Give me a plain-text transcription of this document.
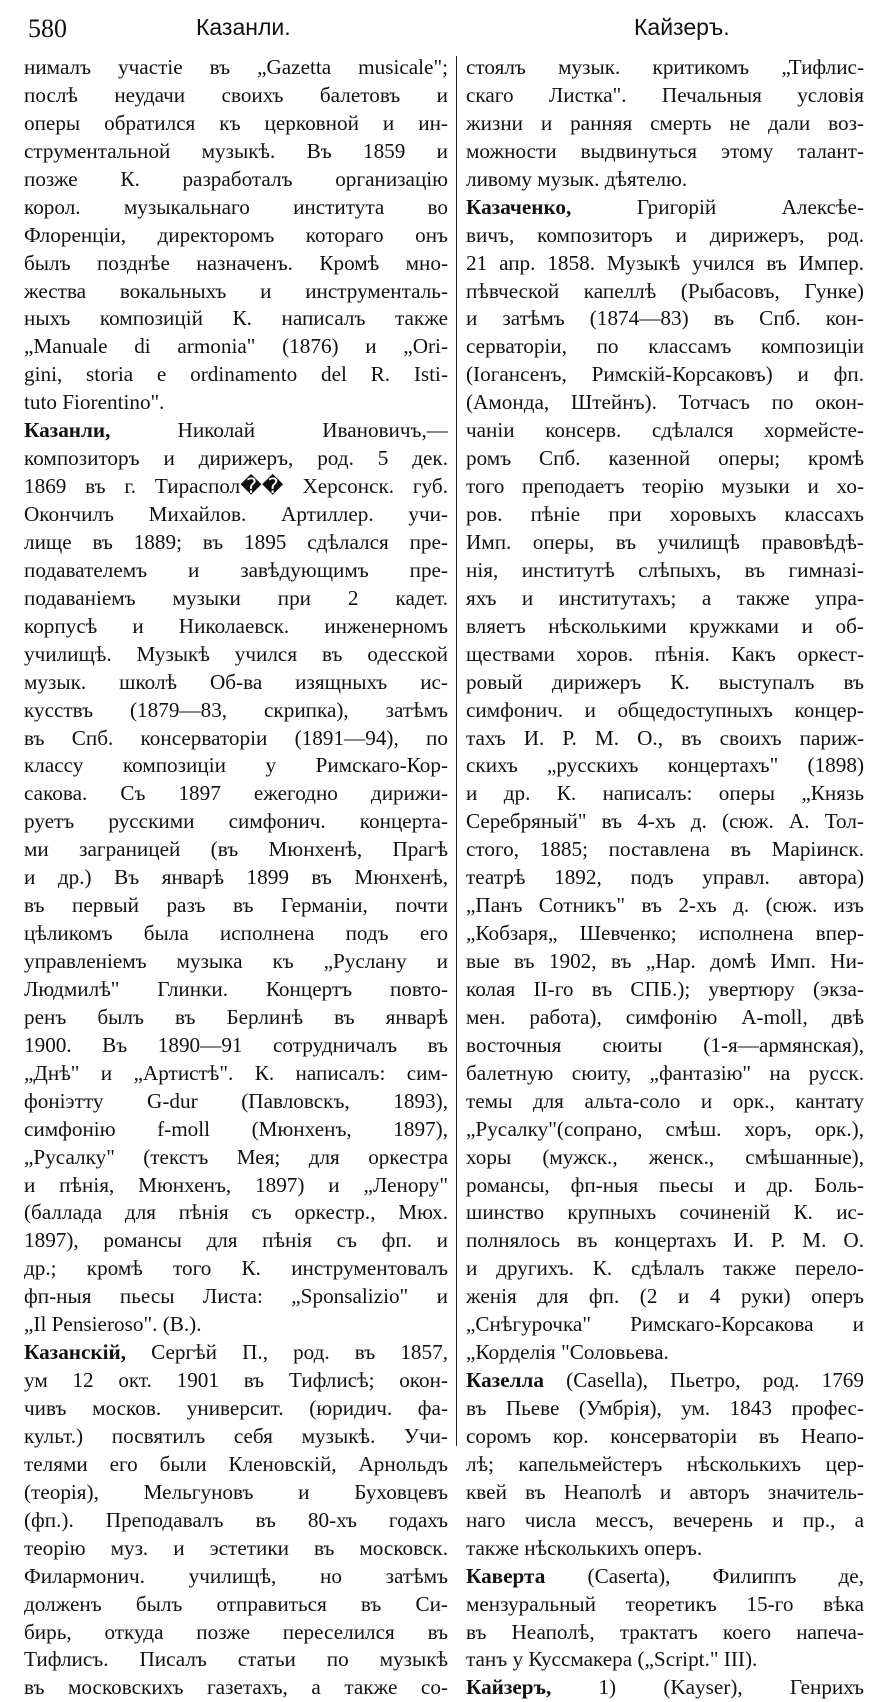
580	Казанли.	Кайзеръ.
нималъ участіе въ „Gazetta musicale";
послѣ неудачи своихъ балетовъ и
оперы обратился къ церковной и ин-
струментальной музыкѣ. Въ 1859 и
позже К. разработалъ организацію
корол. музыкальнаго института во
Флоренціи, директоромъ котораго онъ
былъ позднѣе назначенъ. Кромѣ мно-
жества вокальныхъ и инструменталь-
ныхъ композицій К. написалъ также
„Manuale di armonia" (1876) и „Ori-
gini, storia e ordinamento del R. Isti-
tuto Fiorentino".
Казанли, Николай Ивановичъ,—
композиторъ и дирижеръ, род. 5 дек.
1869 въ г. Тираспол�� Херсонск. губ.
Окончилъ Михайлов. Артиллер. учи-
лище въ 1889; въ 1895 сдѣлался пре-
подавателемъ и завѣдующимъ пре-
подаваніемъ музыки при 2 кадет.
корпусѣ и Николаевск. инженерномъ
училищѣ. Музыкѣ учился въ одесской
музык. школѣ Об-ва изящныхъ ис-
кусствъ (1879—83, скрипка), затѣмъ
въ Спб. консерваторіи (1891—94), по
классу композиціи у Римскаго-Кор-
сакова. Съ 1897 ежегодно дирижи-
руетъ русскими симфонич. концерта-
ми заграницей (въ Мюнхенѣ, Прагѣ
и др.) Въ январѣ 1899 въ Мюнхенѣ,
въ первый разъ въ Германіи, почти
цѣликомъ была исполнена подъ его
управленіемъ музыка къ „Руслану и
Людмилѣ" Глинки. Концертъ повто-
ренъ былъ въ Берлинѣ въ январѣ
1900. Въ 1890—91 сотрудничалъ въ
„Днѣ" и „Артистѣ". К. написалъ: сим-
фоніэтту G-dur (Павловскъ, 1893),
симфонію f-moll (Мюнхенъ, 1897),
„Русалку" (текстъ Мея; для оркестра
и пѣнія, Мюнхенъ, 1897) и „Ленору"
(баллада для пѣнія съ оркестр., Мюх.
1897), романсы для пѣнія съ фп. и
др.; кромѣ того К. инструментовалъ
фп-ныя пьесы Листа: „Sponsalizio" и
„Il Pensieroso". (В.).
Казанскій, Сергѣй П., род. въ 1857,
ум 12 окт. 1901 въ Тифлисѣ; окон-
чивъ москов. университ. (юридич. фа-
культ.) посвятилъ себя музыкѣ. Учи-
телями его были Кленовскій, Арнольдъ
(теорія), Мельгуновъ и Буховцевъ
(фп.). Преподавалъ въ 80-хъ годахъ
теорію муз. и эстетики въ московск.
Филармонич. училищѣ, но затѣмъ
долженъ былъ отправиться въ Си-
бирь, откуда позже переселился въ
Тифлисъ. Писалъ статьи по музыкѣ
въ московскихъ газетахъ, а также со-
стоялъ музык. критикомъ „Тифлис-
скаго Листка". Печальныя условія
жизни и ранняя смерть не дали воз-
можности выдвинуться этому талант-
ливому музык. дѣятелю.
Казаченко, Григорій Алексѣе-
вичъ, композиторъ и дирижеръ, род.
21 апр. 1858. Музыкѣ учился въ Импер.
пѣвческой капеллѣ (Рыбасовъ, Гунке)
и затѣмъ (1874—83) въ Спб. кон-
серваторіи, по классамъ композиціи
(Іогансенъ, Римскій-Корсаковъ) и фп.
(Амонда, Штейнъ). Тотчасъ по окон-
чаніи консерв. сдѣлался хормейсте-
ромъ Спб. казенной оперы; кромѣ
того преподаетъ теорію музыки и хо-
ров. пѣніе при хоровыхъ классахъ
Имп. оперы, въ училищѣ правовѣдѣ-
нія, институтѣ слѣпыхъ, въ гимназі-
яхъ и институтахъ; а также упра-
вляетъ нѣсколькими кружками и об-
ществами хоров. пѣнія. Какъ оркест-
ровый дирижеръ К. выступалъ въ
симфонич. и общедоступныхъ концер-
тахъ И. Р. М. О., въ своихъ париж-
скихъ „русскихъ концертахъ" (1898)
и др. К. написалъ: оперы „Князь
Серебряный" въ 4-хъ д. (сюж. А. Тол-
стого, 1885; поставлена въ Маріинск.
театрѣ 1892, подъ управл. автора)
„Панъ Сотникъ" въ 2-хъ д. (сюж. изъ
„Кобзаря„ Шевченко; исполнена впер-
вые въ 1902, въ „Нар. домѣ Имп. Ни-
колая II-го въ СПБ.); увертюру (экза-
мен. работа), симфонію A-moll, двѣ
восточныя сюиты (1-я—армянская),
балетную сюиту, „фантазію" на русск.
темы для альта-соло и орк., кантату
„Русалку"(сопрано, смѣш. хоръ, орк.),
хоры (мужск., женск., смѣшанные),
романсы, фп-ныя пьесы и др. Боль-
шинство крупныхъ сочиненій К. ис-
полнялось въ концертахъ И. Р. М. О.
и другихъ. К. сдѣлалъ также перело-
женія для фп. (2 и 4 руки) оперъ
„Снѣгурочка" Римскаго-Корсакова и
„Корделія "Соловьева.
Казелла (Casella), Пьетро, род. 1769
въ Пьеве (Умбрія), ум. 1843 профес-
соромъ кор. консерваторіи въ Неапо-
лѣ; капельмейстеръ нѣсколькихъ цер-
квей въ Неаполѣ и авторъ значитель-
наго числа мессъ, вечерень и пр., а
также нѣсколькихъ оперъ.
Каверта (Caserta), Филиппъ де,
мензуральный теоретикъ 15-го вѣка
въ Неаполѣ, трактатъ коего напеча-
танъ у Куссмакера („Script." III).
Кайзеръ, 1) (Kayser), Генрихъ
